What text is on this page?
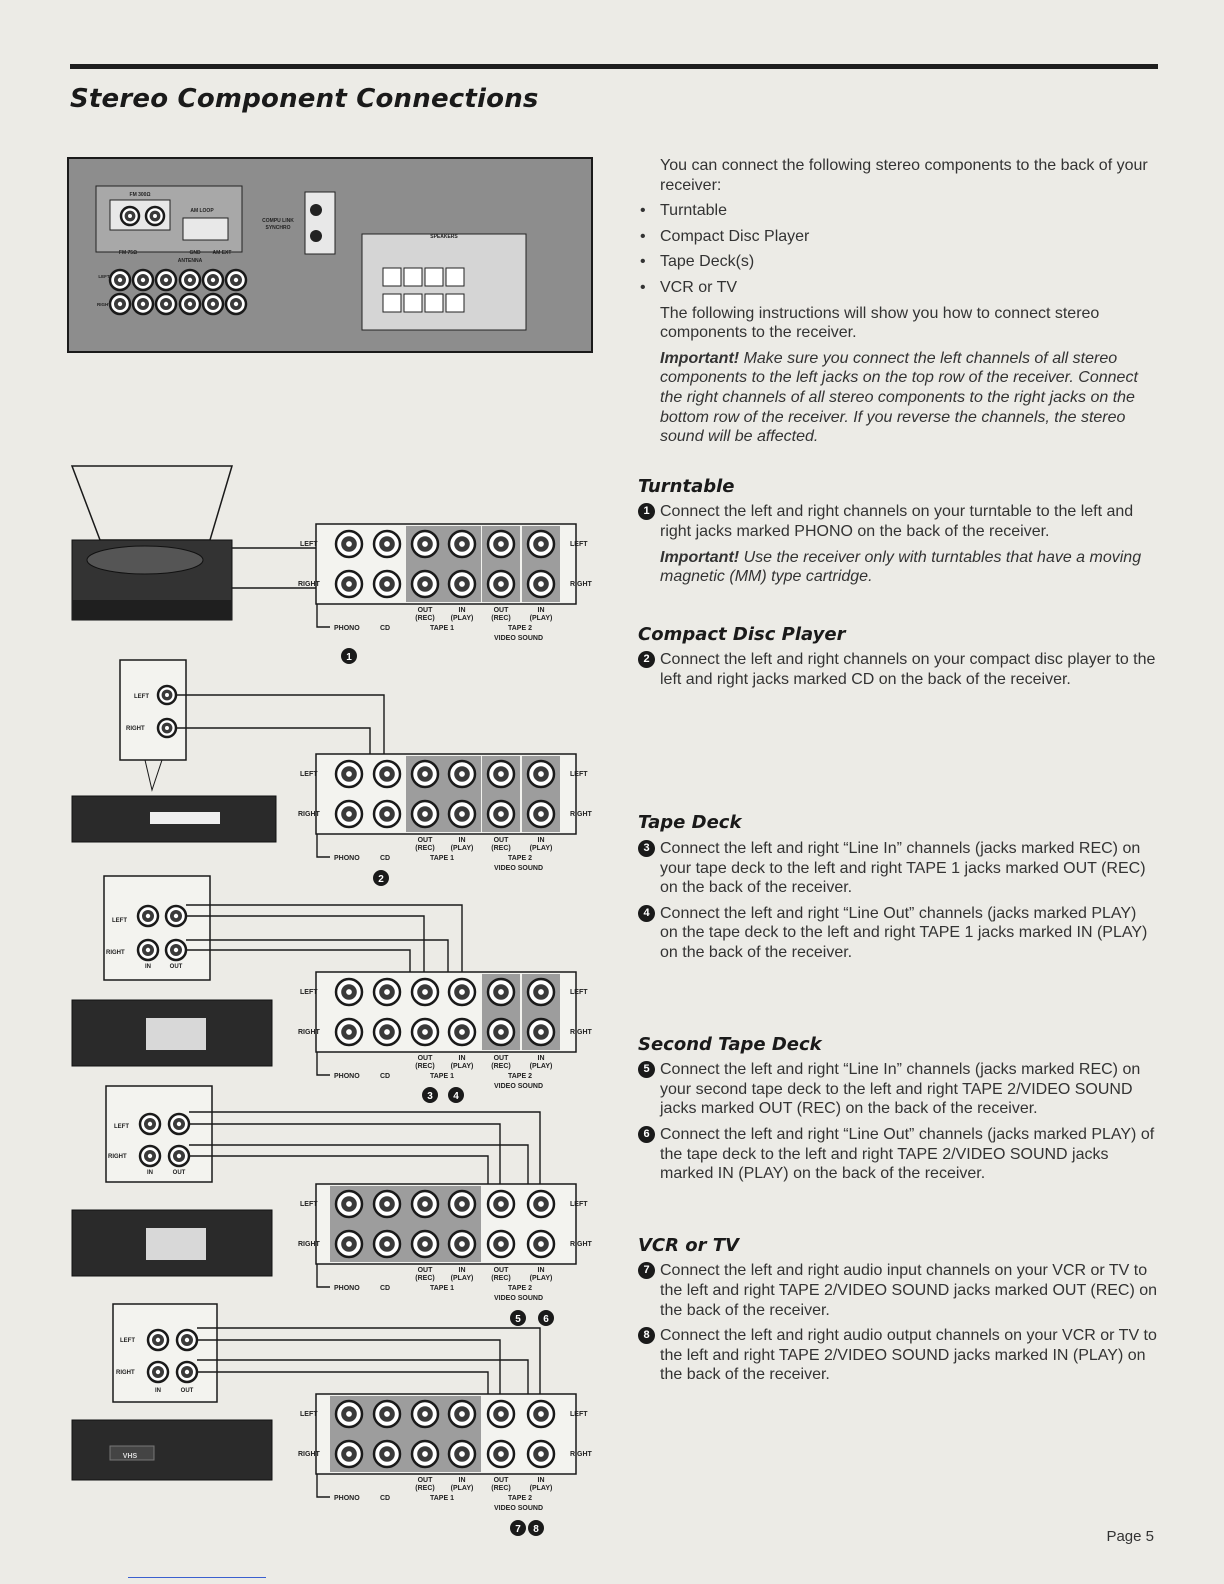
Stereo Component Connections
FM 300Ω
AM LOOP
FM 75Ω	GND AM EXT
ANTENNA
COMPU LINK
SYNCHRO
LEFT
RIGHT
SPEAKERS
LEFT
RIGHT
LEFT
RIGHT
OUT
(REC)
IN
(PLAY)
OUT
(REC)
IN
(PLAY)
PHONO	CD	TAPE 1	TAPE 2
VIDEO SOUND
1
LEFT
RIGHT
LEFT
RIGHT
LEFT
RIGHT
OUT
(REC)
IN
(PLAY)
OUT
(REC)
IN
(PLAY)
PHONO	CD	TAPE 1	TAPE 2
VIDEO SOUND
2
LEFT
RIGHT
IN	OUT
LEFT
RIGHT
LEFT
RIGHT
OUT
(REC)
IN
(PLAY)
OUT
(REC)
IN
(PLAY)
PHONO	CD	TAPE 1	TAPE 2
VIDEO SOUND
3 4
LEFT
RIGHT
IN	OUT
LEFT
RIGHT
LEFT
RIGHT
OUT
(REC)
IN
(PLAY)
OUT
(REC)
IN
(PLAY)
PHONO	CD	TAPE 1	TAPE 2
VIDEO SOUND
5 6
LEFT
RIGHT
IN	OUT
VHS
LEFT
RIGHT
LEFT
RIGHT
OUT
(REC)
IN
(PLAY)
OUT
(REC)
IN
(PLAY)
PHONO	CD	TAPE 1	TAPE 2
VIDEO SOUND
7 8

You can connect the following stereo components to the back of your receiver:

• Turntable
• Compact Disc Player
• Tape Deck(s)
• VCR or TV

The following instructions will show you how to connect stereo components to the receiver.

Important! Make sure you connect the left channels of all stereo components to the left jacks on the top row of the receiver. Connect the right channels of all stereo components to the right jacks on the bottom row of the receiver. If you reverse the channels, the stereo sound will be affected.

Turntable

1 Connect the left and right channels on your turntable to the left and right jacks marked PHONO on the back of the receiver.

Important! Use the receiver only with turntables that have a moving magnetic (MM) type cartridge.

Compact Disc Player

2 Connect the left and right channels on your compact disc player to the left and right jacks marked CD on the back of the receiver.

Tape Deck

3 Connect the left and right “Line In” channels (jacks marked REC) on your tape deck to the left and right TAPE 1 jacks marked OUT (REC) on the back of the receiver.
4 Connect the left and right “Line Out” channels (jacks marked PLAY) on the tape deck to the left and right TAPE 1 jacks marked IN (PLAY) on the back of the receiver.

Second Tape Deck

5 Connect the left and right “Line In” channels (jacks marked REC) on your second tape deck to the left and right TAPE 2/VIDEO SOUND jacks marked OUT (REC) on the back of the receiver.
6 Connect the left and right “Line Out” channels (jacks marked PLAY) of the tape deck to the left and right TAPE 2/VIDEO SOUND jacks marked IN (PLAY) on the back of the receiver.

VCR or TV

7 Connect the left and right audio input channels on your VCR or TV to the left and right TAPE 2/VIDEO SOUND jacks marked OUT (REC) on the back of the receiver.
8 Connect the left and right audio output channels on your VCR or TV to the left and right TAPE 2/VIDEO SOUND jacks marked IN (PLAY) on the back of the receiver.
Page 5
